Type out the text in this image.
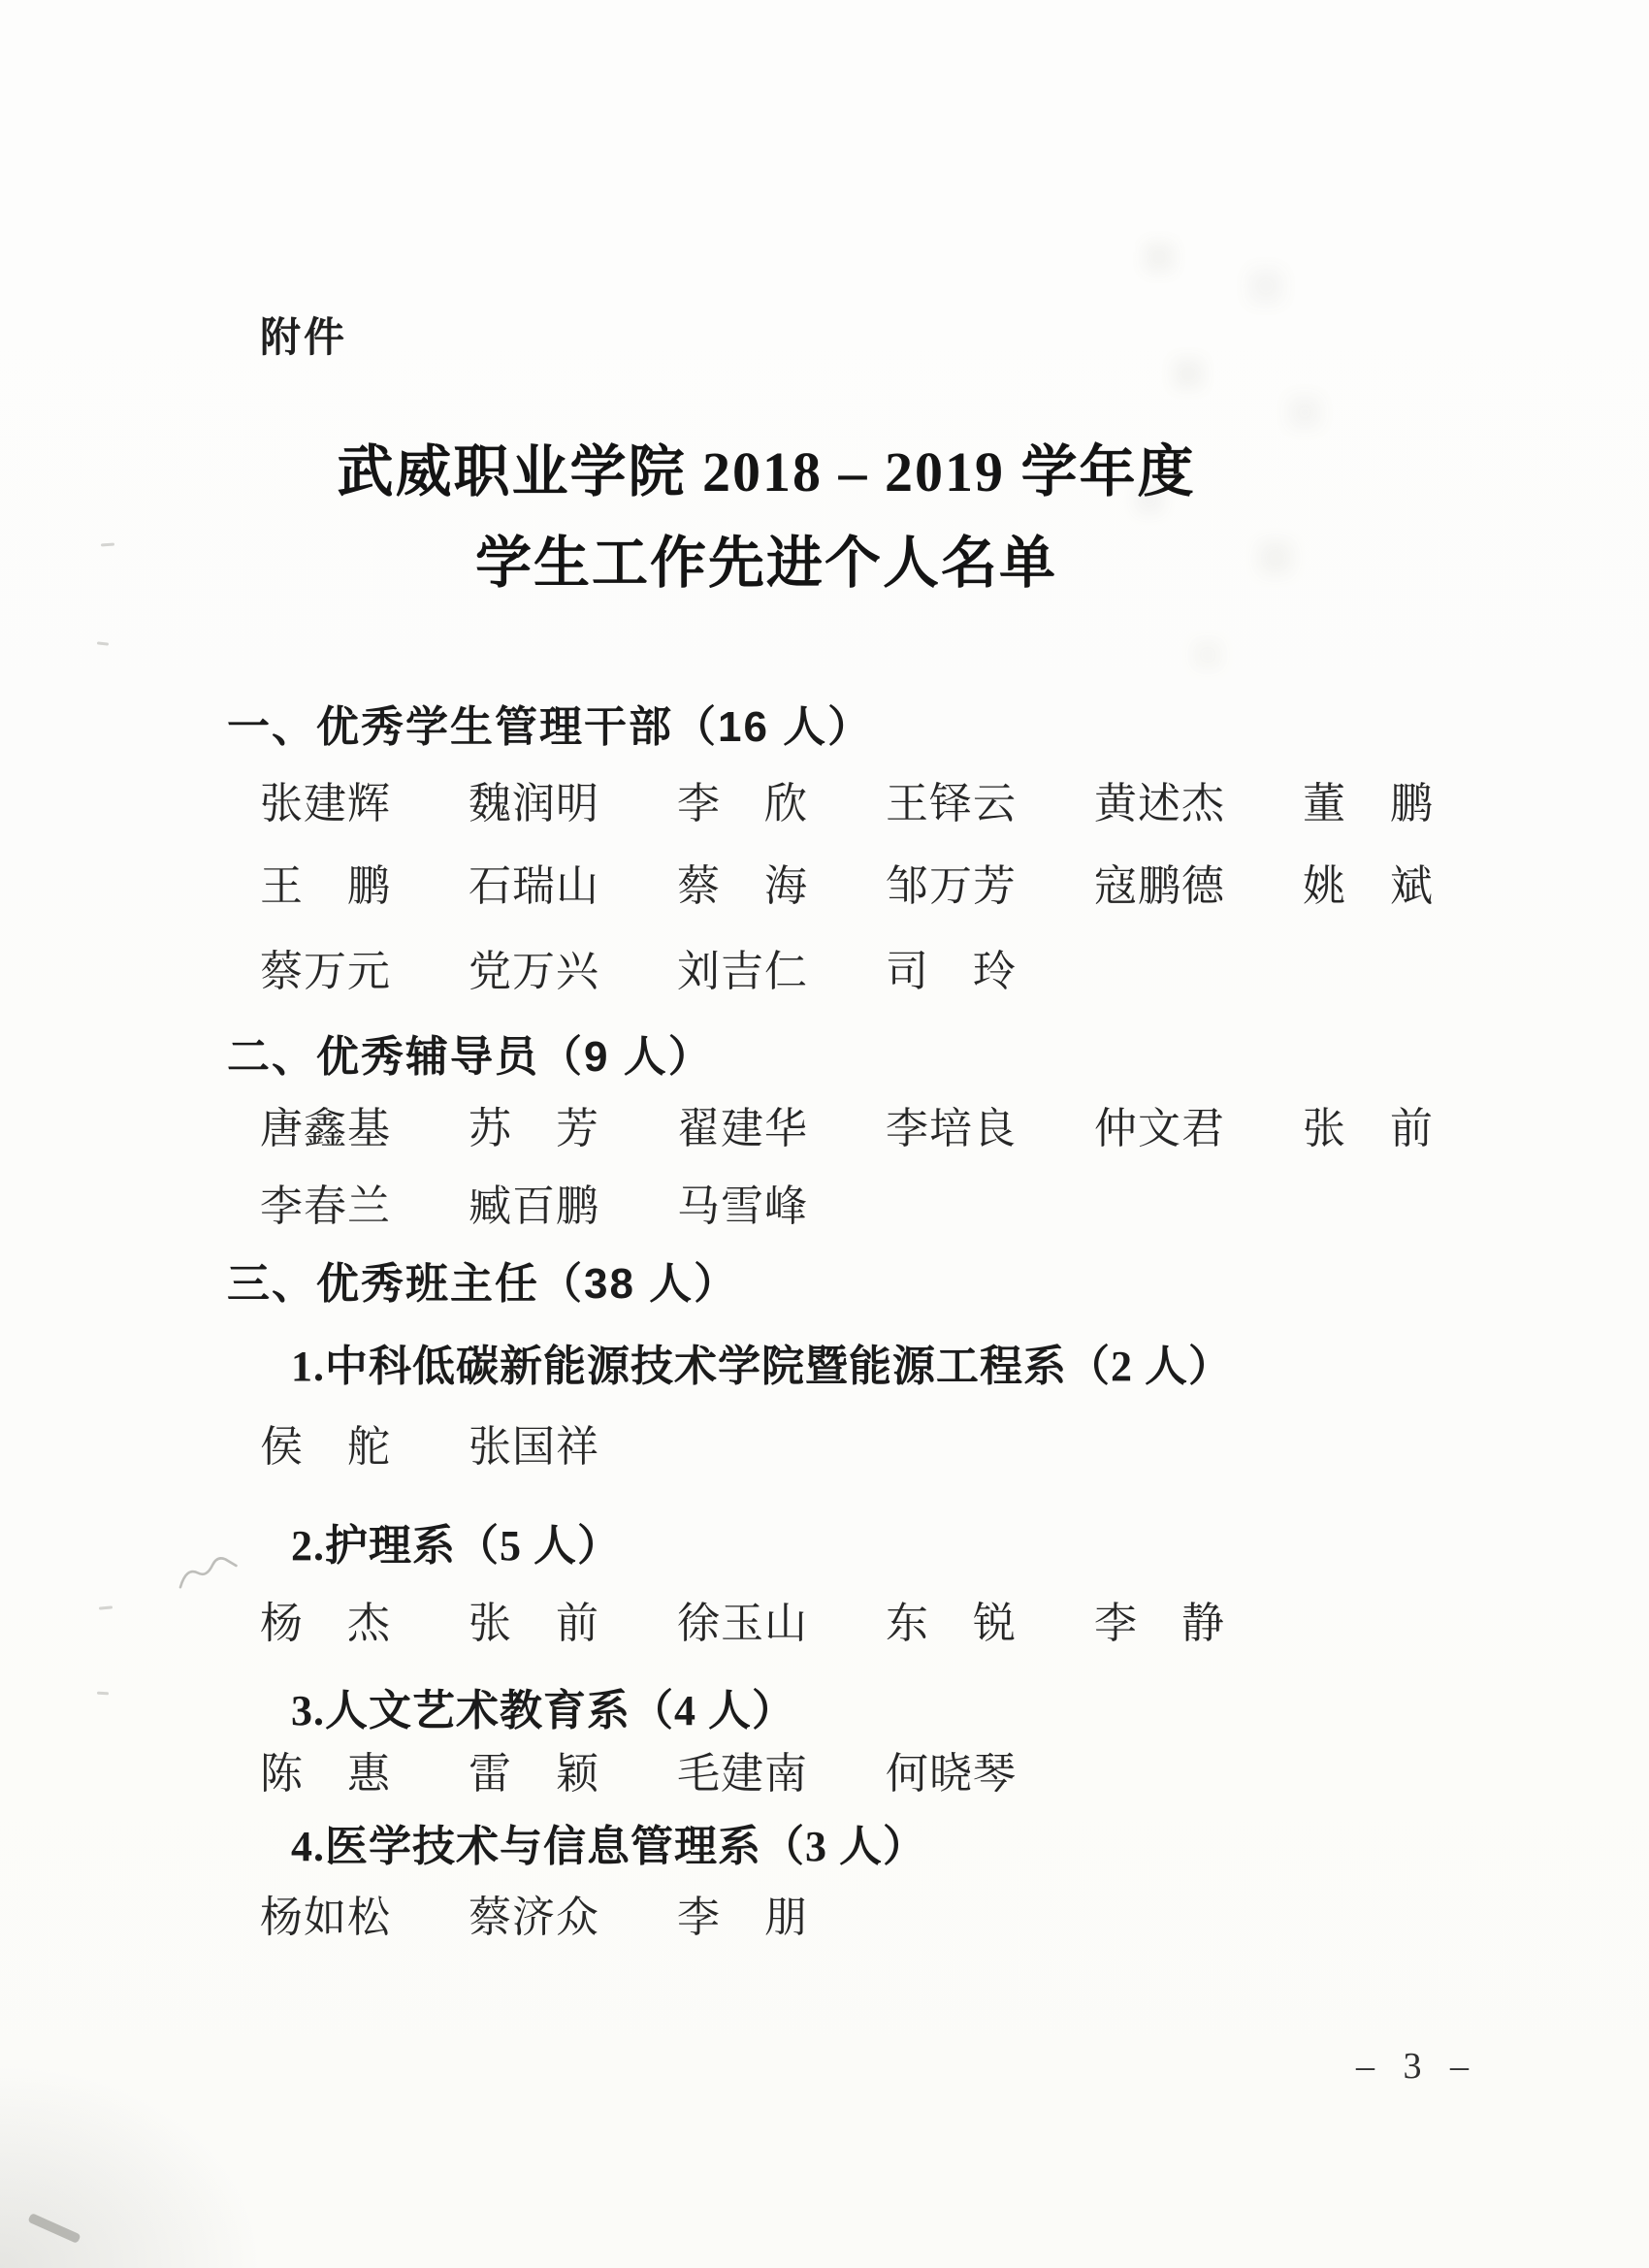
附件
武威职业学院 2018 – 2019 学年度
学生工作先进个人名单
一、优秀学生管理干部（16 人）
张建辉 魏润明 李　欣 王铎云 黄述杰 董　鹏
王　鹏 石瑞山 蔡　海 邹万芳 寇鹏德 姚　斌
蔡万元 党万兴 刘吉仁 司　玲
二、优秀辅导员（9 人）
唐鑫基 苏　芳 翟建华 李培良 仲文君 张　前
李春兰 臧百鹏 马雪峰
三、优秀班主任（38 人）
1.中科低碳新能源技术学院暨能源工程系（2 人）
侯　舵 张国祥
2.护理系（5 人）
杨　杰 张　前 徐玉山 东　锐 李　静
3.人文艺术教育系（4 人）
陈　惠 雷　颖 毛建南 何晓琴
4.医学技术与信息管理系（3 人）
杨如松 蔡济众 李　朋
– 3 –
